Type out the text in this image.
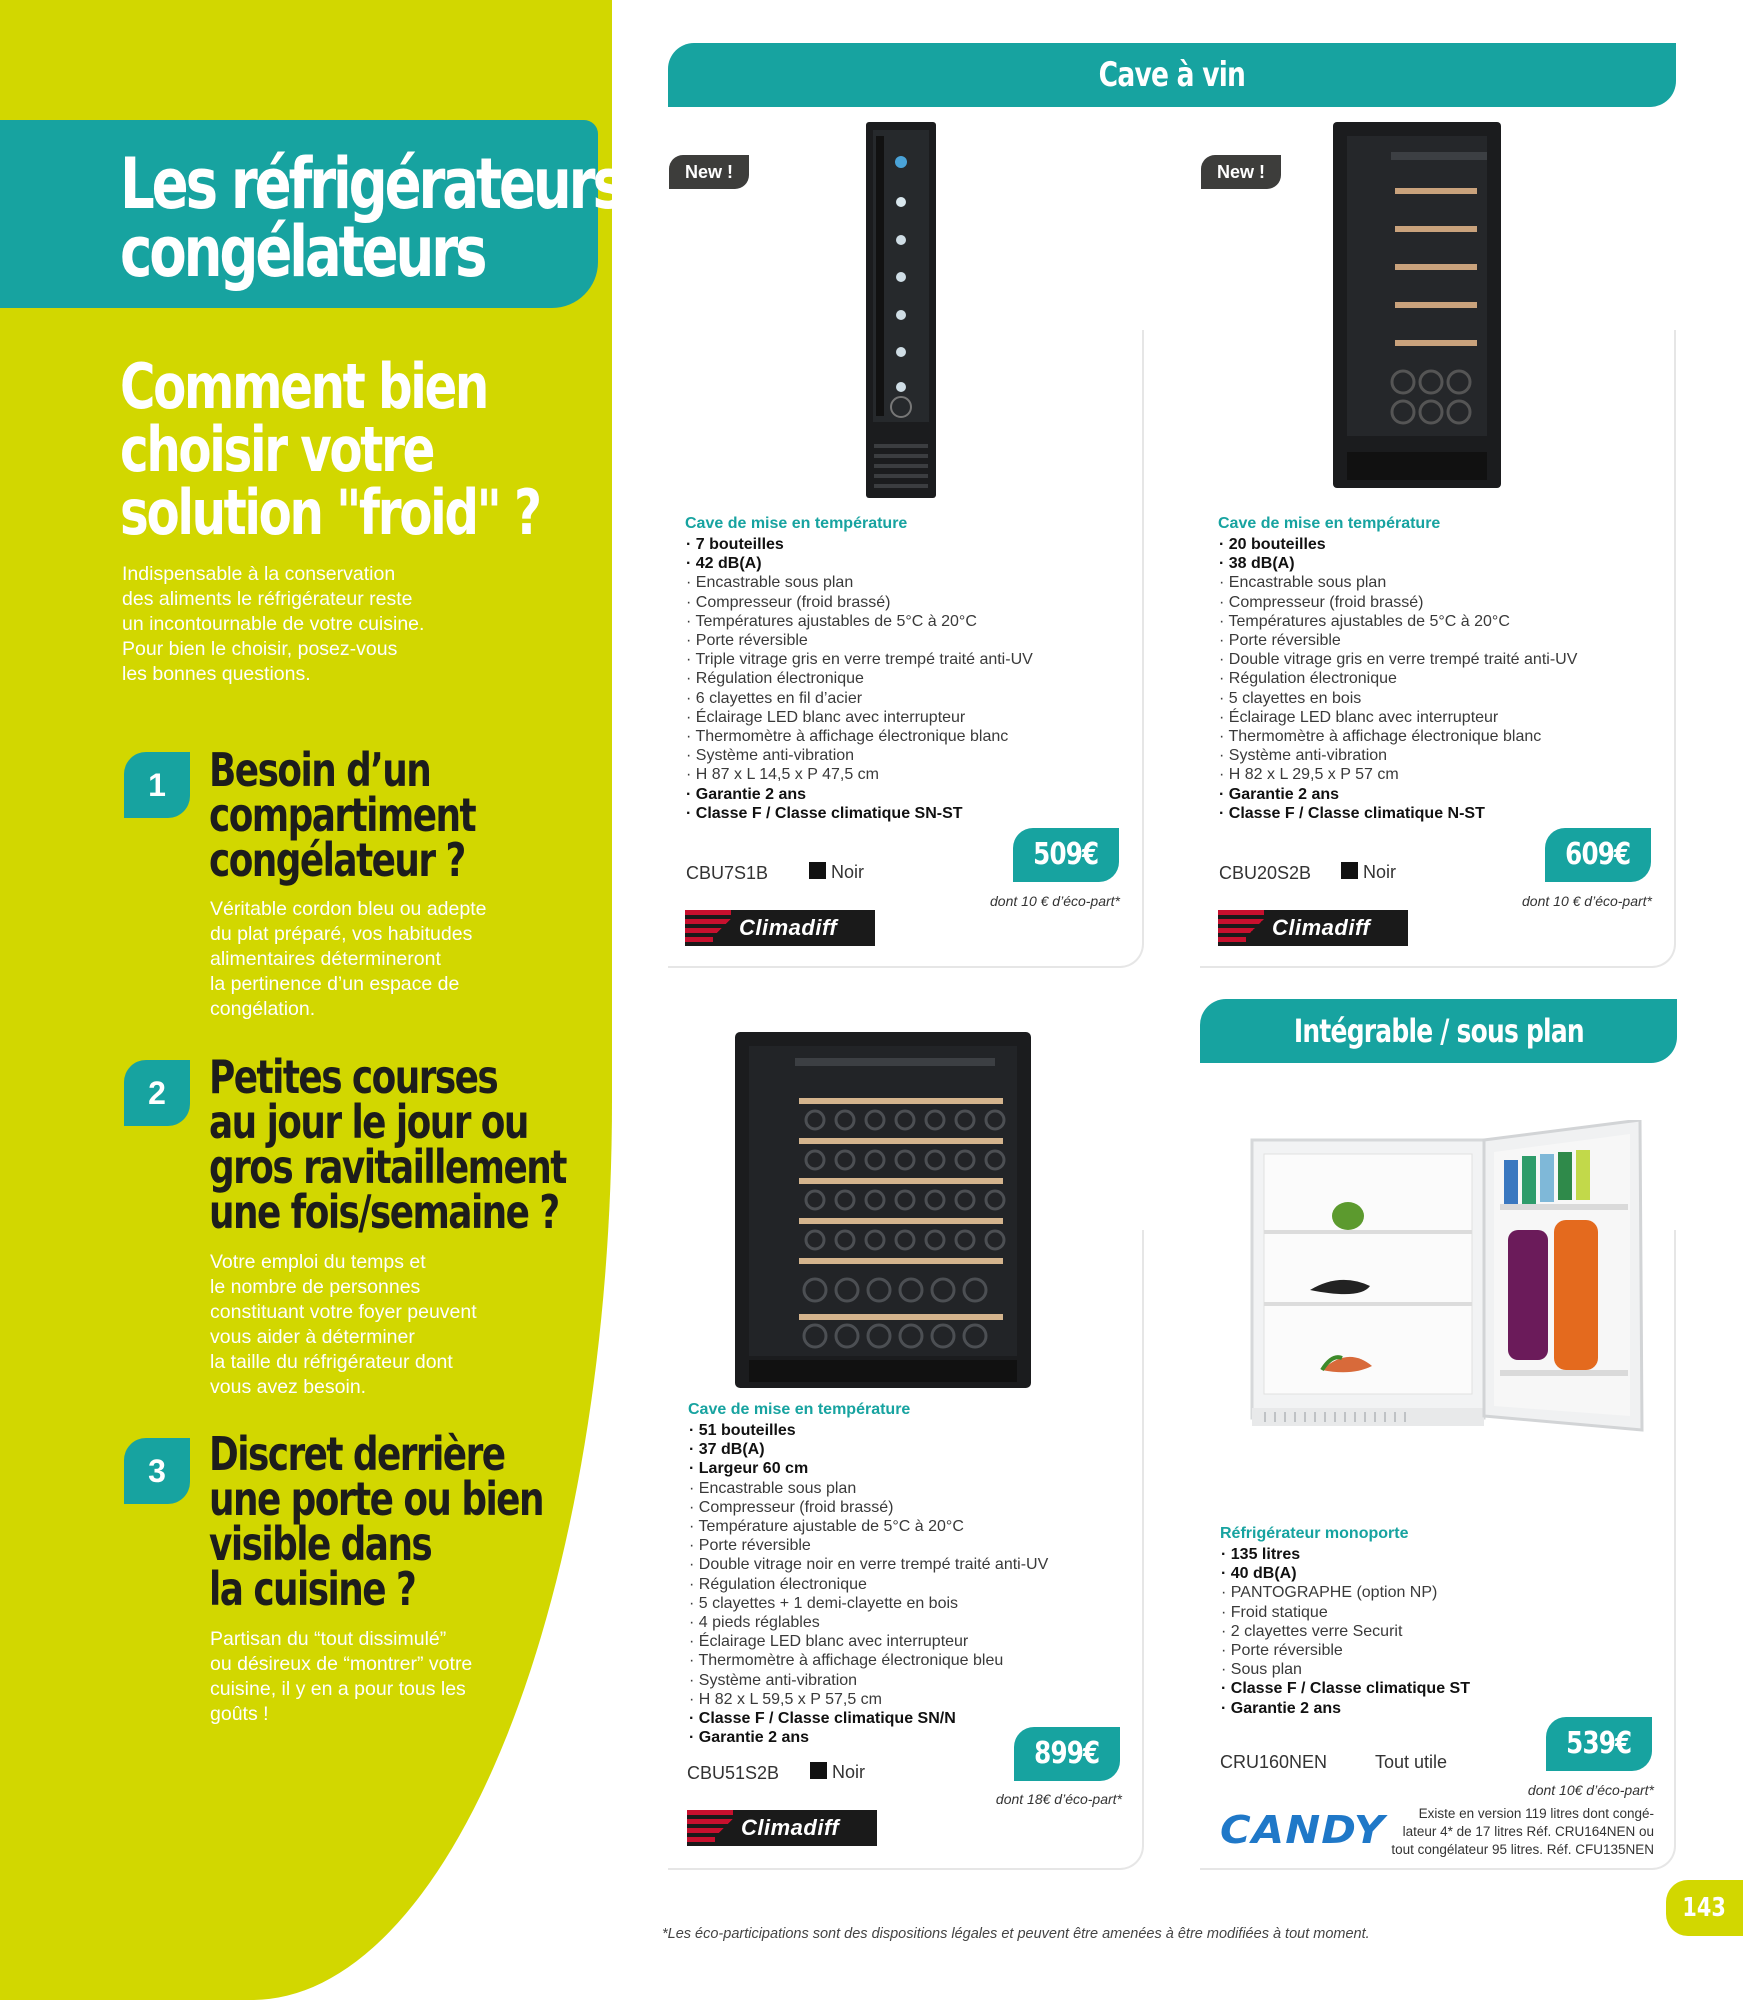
Les réfrigérateurs
congélateurs
Comment bien
choisir votre
solution "froid" ?
Indispensable à la conservation
des aliments le réfrigérateur reste
un incontournable de votre cuisine.
Pour bien le choisir, posez-vous
les bonnes questions.
1 Besoin d’un
compartiment
congélateur ?
Véritable cordon bleu ou adepte
du plat préparé, vos habitudes
alimentaires détermineront
la pertinence d’un espace de
congélation.
2 Petites courses
au jour le jour ou
gros ravitaillement
une fois/semaine ?
Votre emploi du temps et
le nombre de personnes
constituant votre foyer peuvent
vous aider à déterminer
la taille du réfrigérateur dont
vous avez besoin.
3 Discret derrière
une porte ou bien
visible dans
la cuisine ?
Partisan du “tout dissimulé”
ou désireux de “montrer” votre
cuisine, il y en a pour tous les
goûts !
Cave à vin
New !
Cave de mise en température
· 7 bouteilles
· 42 dB(A)
· Encastrable sous plan
· Compresseur (froid brassé)
· Températures ajustables de 5°C à 20°C
· Porte réversible
· Triple vitrage gris en verre trempé traité anti-UV
· Régulation électronique
· 6 clayettes en fil d’acier
· Éclairage LED blanc avec interrupteur
· Thermomètre à affichage électronique blanc
· Système anti-vibration
· H 87 x L 14,5 x P 47,5 cm
· Garantie 2 ans
· Classe F / Classe climatique SN-ST
CBU7S1B	Noir	509€
dont 10 € d’éco-part*
Climadiff
New !
Cave de mise en température
· 20 bouteilles
· 38 dB(A)
· Encastrable sous plan
· Compresseur (froid brassé)
· Températures ajustables de 5°C à 20°C
· Porte réversible
· Double vitrage gris en verre trempé traité anti-UV
· Régulation électronique
· 5 clayettes en bois
· Éclairage LED blanc avec interrupteur
· Thermomètre à affichage électronique blanc
· Système anti-vibration
· H 82 x L 29,5 x P 57 cm
· Garantie 2 ans
· Classe F / Classe climatique N-ST
CBU20S2B	Noir	609€
dont 10 € d’éco-part*
Climadiff
Cave de mise en température
· 51 bouteilles
· 37 dB(A)
· Largeur 60 cm
· Encastrable sous plan
· Compresseur (froid brassé)
· Température ajustable de 5°C à 20°C
· Porte réversible
· Double vitrage noir en verre trempé traité anti-UV
· Régulation électronique
· 5 clayettes + 1 demi-clayette en bois
· 4 pieds réglables
· Éclairage LED blanc avec interrupteur
· Thermomètre à affichage électronique bleu
· Système anti-vibration
· H 82 x L 59,5 x P 57,5 cm
· Classe F / Classe climatique SN/N
· Garantie 2 ans
CBU51S2B	Noir
899€
dont 18€ d’éco-part*
Climadiff
Intégrable / sous plan
Réfrigérateur monoporte
· 135 litres
· 40 dB(A)
· PANTOGRAPHE (option NP)
· Froid statique
· 2 clayettes verre Securit
· Porte réversible
· Sous plan
· Classe F / Classe climatique ST
· Garantie 2 ans
CRU160NEN	Tout utile
539€
dont 10€ d’éco-part*
CANDY	Existe en version 119 litres dont congé-
lateur 4* de 17 litres Réf. CRU164NEN ou
tout congélateur 95 litres. Réf. CFU135NEN
*Les éco-participations sont des dispositions légales et peuvent être amenées à être modifiées à tout moment.
143
